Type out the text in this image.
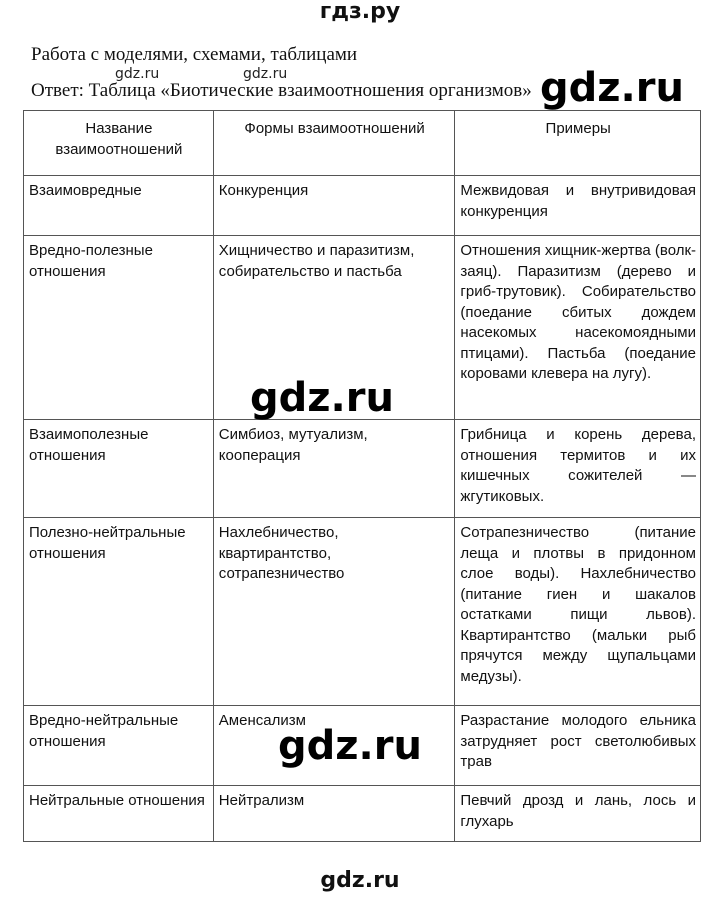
гдз.ру
Работа с моделями, схемами, таблицами
Ответ: Таблица «Биотические взаимоотношения организмов»
gdz.ru	gdz.ru	gdz.ru
Название взаимоотношений	Формы взаимоотношений	Примеры
Взаимовредные	Конкуренция	Межвидовая и внутривидовая конкуренция
Вредно-полезные отношения	Хищничество и паразитизм, собирательство и пастьба	Отношения хищник-жертва (волк-заяц). Паразитизм (дерево и гриб-трутовик). Собирательство (поедание сбитых дождем насекомых насекомоядными птицами). Пастьба (поедание коровами клевера на лугу).
Взаимополезные отношения	Симбиоз, мутуализм, кооперация	Грибница и корень дерева, отношения термитов и их кишечных сожителей — жгутиковых.
Полезно-нейтральные отношения	Нахлебничество, квартирантство, сотрапезничество	Сотрапезничество (питание леща и плотвы в придонном слое воды). Нахлебничество (питание гиен и шакалов остатками пищи львов). Квартирантство (мальки рыб прячутся между щупальцами медузы).
Вредно-нейтральные отношения	Аменсализм	Разрастание молодого ельника затрудняет рост светолюбивых трав
Нейтральные отношения	Нейтрализм	Певчий дрозд и лань, лось и глухарь
gdz.ru
gdz.ru
gdz.ru
